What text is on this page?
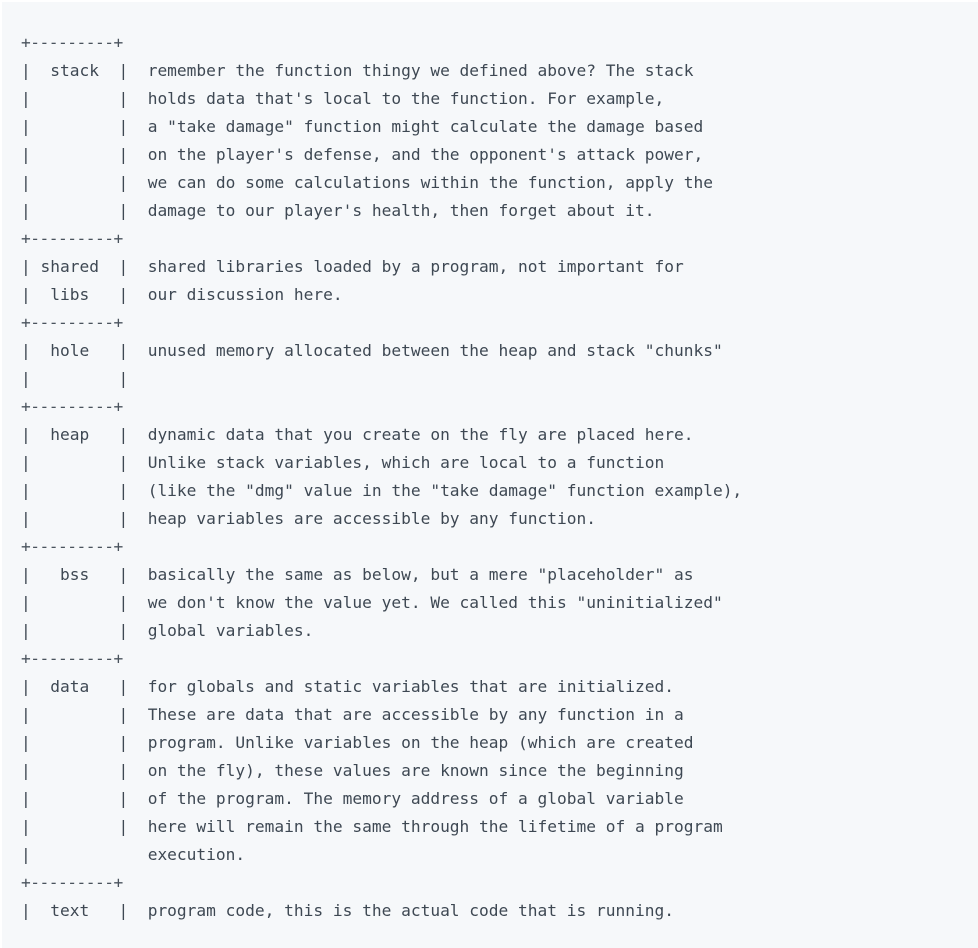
+---------+
|  stack  |  remember the function thingy we defined above? The stack
|         |  holds data that's local to the function. For example,
|         |  a "take damage" function might calculate the damage based
|         |  on the player's defense, and the opponent's attack power,
|         |  we can do some calculations within the function, apply the
|         |  damage to our player's health, then forget about it.
+---------+
| shared  |  shared libraries loaded by a program, not important for
|  libs   |  our discussion here.
+---------+
|  hole   |  unused memory allocated between the heap and stack "chunks"
|         |
+---------+
|  heap   |  dynamic data that you create on the fly are placed here.
|         |  Unlike stack variables, which are local to a function
|         |  (like the "dmg" value in the "take damage" function example),
|         |  heap variables are accessible by any function.
+---------+
|   bss   |  basically the same as below, but a mere "placeholder" as
|         |  we don't know the value yet. We called this "uninitialized"
|         |  global variables.
+---------+
|  data   |  for globals and static variables that are initialized.
|         |  These are data that are accessible by any function in a
|         |  program. Unlike variables on the heap (which are created
|         |  on the fly), these values are known since the beginning
|         |  of the program. The memory address of a global variable
|         |  here will remain the same through the lifetime of a program
|            execution.
+---------+
|  text   |  program code, this is the actual code that is running.
